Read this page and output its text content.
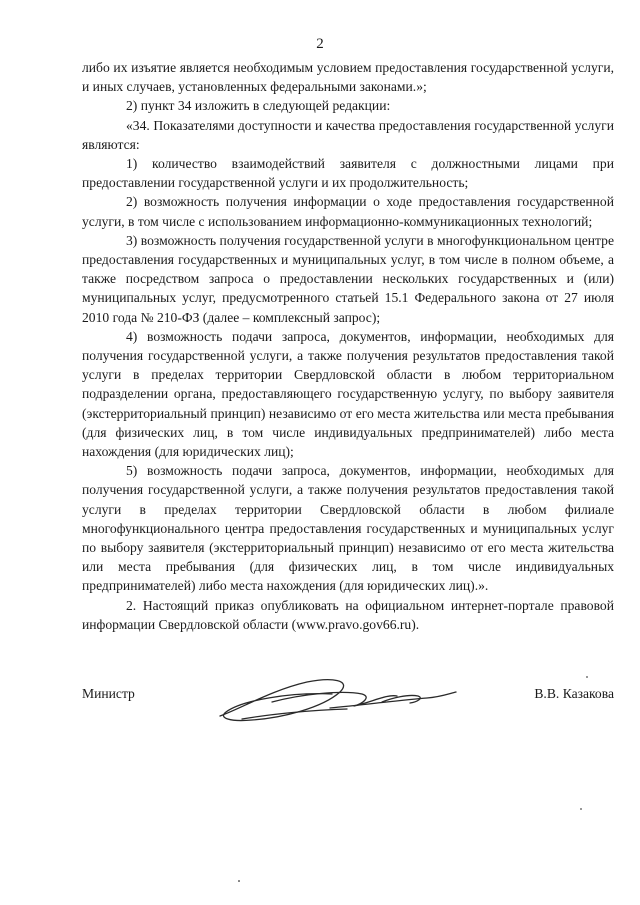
2

либо их изъятие является необходимым условием предоставления государственной услуги, и иных случаев, установленных федеральными законами.»;

2) пункт 34 изложить в следующей редакции:

«34. Показателями доступности и качества предоставления государственной услуги являются:

1) количество взаимодействий заявителя с должностными лицами при предоставлении государственной услуги и их продолжительность;

2) возможность получения информации о ходе предоставления государственной услуги, в том числе с использованием информационно-коммуникационных технологий;

3) возможность получения государственной услуги в многофункциональном центре предоставления государственных и муниципальных услуг, в том числе в полном объеме, а также посредством запроса о предоставлении нескольких государственных и (или) муниципальных услуг, предусмотренного статьей 15.1 Федерального закона от 27 июля 2010 года № 210-ФЗ (далее – комплексный запрос);

4) возможность подачи запроса, документов, информации, необходимых для получения государственной услуги, а также получения результатов предоставления такой услуги в пределах территории Свердловской области в любом территориальном подразделении органа, предоставляющего государственную услугу, по выбору заявителя (экстерриториальный принцип) независимо от его места жительства или места пребывания (для физических лиц, в том числе индивидуальных предпринимателей) либо места нахождения (для юридических лиц);

5) возможность подачи запроса, документов, информации, необходимых для получения государственной услуги, а также получения результатов предоставления такой услуги в пределах территории Свердловской области в любом филиале многофункционального центра предоставления государственных и муниципальных услуг по выбору заявителя (экстерриториальный принцип) независимо от его места жительства или места пребывания (для физических лиц, в том числе индивидуальных предпринимателей) либо места нахождения (для юридических лиц).».

2. Настоящий приказ опубликовать на официальном интернет-портале правовой информации Свердловской области (www.pravo.gov66.ru).

Министр	В.В. Казакова
